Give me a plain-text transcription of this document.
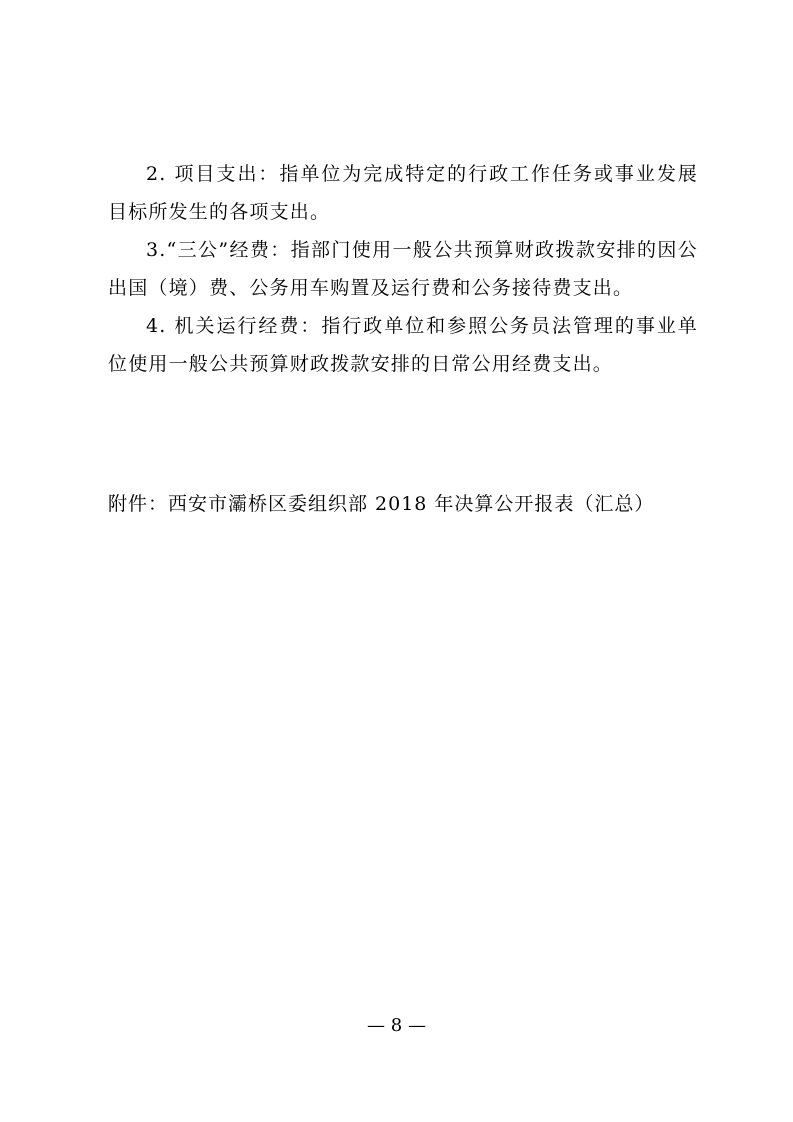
2. 项目支出：指单位为完成特定的行政工作任务或事业发展目标所发生的各项支出。

3.“三公”经费：指部门使用一般公共预算财政拨款安排的因公出国（境）费、公务用车购置及运行费和公务接待费支出。

4. 机关运行经费：指行政单位和参照公务员法管理的事业单位使用一般公共预算财政拨款安排的日常公用经费支出。

附件：西安市灞桥区委组织部 2018 年决算公开报表（汇总）

— 8 —
